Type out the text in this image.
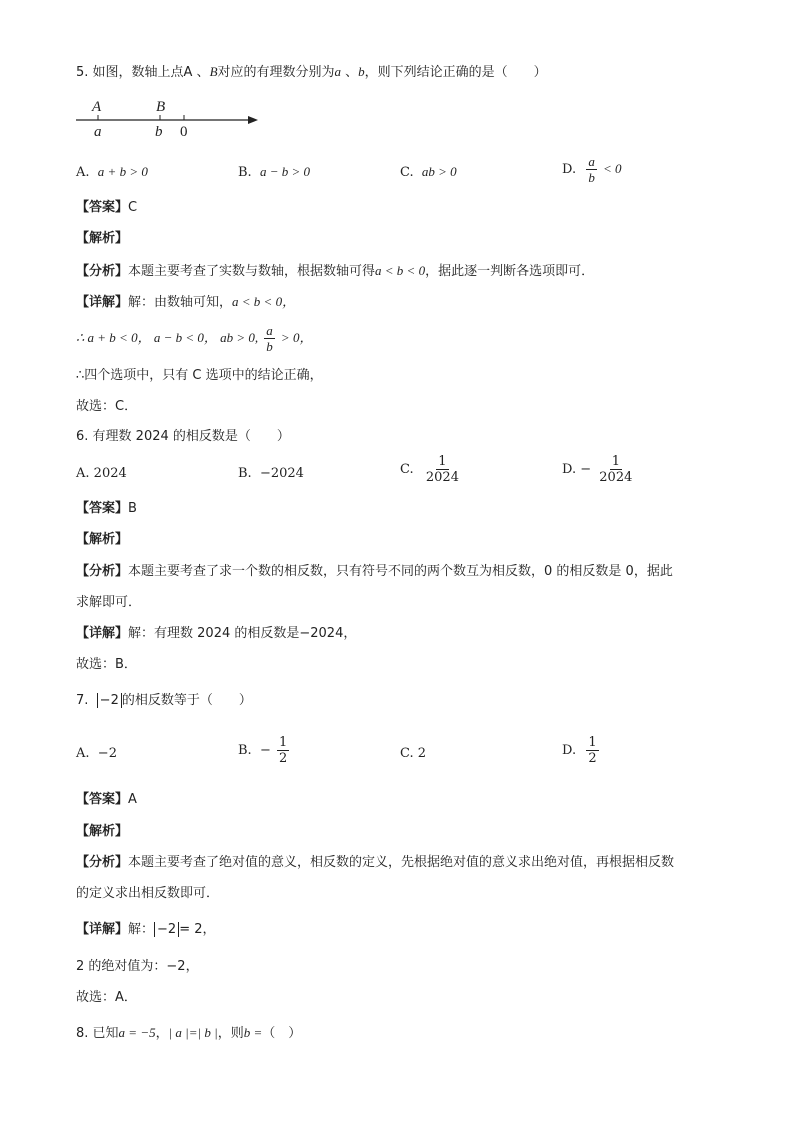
5. 如图，数轴上点A 、B对应的有理数分别为a 、b，则下列结论正确的是（　　）
A	B
a	b 0
A. a + b > 0	B. a − b > 0	C. ab > 0	D. $\frac{a}{b} < 0$
【答案】C
【解析】
【分析】本题主要考查了实数与数轴，根据数轴可得a < b < 0，据此逐一判断各选项即可．
【详解】解：由数轴可知，a < b < 0，
∴ a + b < 0， a − b < 0， ab > 0, $\frac{a}{b} > 0$，
∴四个选项中，只有 C 选项中的结论正确，
故选：C．
6. 有理数 2024 的相反数是（　　）
A. 2024	B. −2024	C. $\frac{1}{2024}$	D. − $\frac{1}{2024}$
【答案】B
【解析】
【分析】本题主要考查了求一个数的相反数，只有符号不同的两个数互为相反数，0 的相反数是 0，据此
求解即可．
【详解】解：有理数 2024 的相反数是−2024，
故选：B．
7. −2 的相反数等于（　　）
A. −2	B. − $\frac{1}{2}$	C. 2	D. $\frac{1}{2}$
【答案】A
【解析】
【分析】本题主要考查了绝对值的意义，相反数的定义，先根据绝对值的意义求出绝对值，再根据相反数
的定义求出相反数即可．
【详解】解： −2 = 2，
2 的绝对值为：−2，
故选：A．
8. 已知a = −5，| a |=| b |，则b =（　）
